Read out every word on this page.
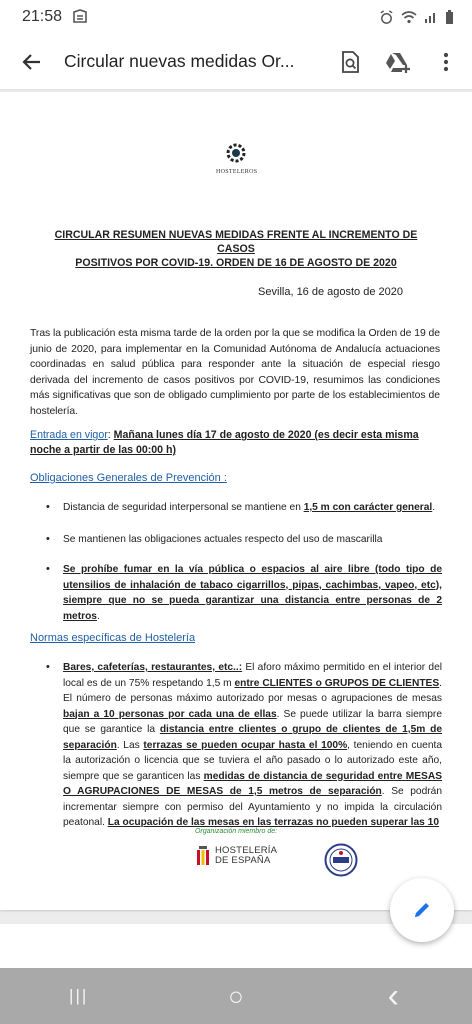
21:58
Circular nuevas medidas Or...
HOSTELEROS
CIRCULAR RESUMEN NUEVAS MEDIDAS FRENTE AL INCREMENTO DE CASOS
POSITIVOS POR COVID-19. ORDEN DE 16 DE AGOSTO DE 2020
Sevilla, 16 de agosto de 2020
Tras la publicación esta misma tarde de la orden por la que se modifica la Orden de 19 de junio de 2020, para implementar en la Comunidad Autónoma de Andalucía actuaciones coordinadas en salud pública para responder ante la situación de especial riesgo derivada del incremento de casos positivos por COVID-19, resumimos las condiciones más significativas que son de obligado cumplimiento por parte de los establecimientos de hostelería.
Entrada en vigor: Mañana lunes día 17 de agosto de 2020 (es decir esta misma noche a partir de las 00:00 h)
Obligaciones Generales de Prevención :
• Distancia de seguridad interpersonal se mantiene en 1,5 m con carácter general.
• Se mantienen las obligaciones actuales respecto del uso de mascarilla
• Se prohíbe fumar en la vía pública o espacios al aire libre (todo tipo de utensilios de inhalación de tabaco cigarrillos, pipas, cachimbas, vapeo, etc), siempre que no se pueda garantizar una distancia entre personas de 2 metros.
Normas específicas de Hostelería
• Bares, cafeterías, restaurantes, etc..: El aforo máximo permitido en el interior del local es de un 75% respetando 1,5 m entre CLIENTES o GRUPOS DE CLIENTES. El número de personas máximo autorizado por mesas o agrupaciones de mesas bajan a 10 personas por cada una de ellas. Se puede utilizar la barra siempre que se garantice la distancia entre clientes o grupo de clientes de 1,5m de separación. Las terrazas se pueden ocupar hasta el 100%, teniendo en cuenta la autorización o licencia que se tuviera el año pasado o lo autorizado este año, siempre que se garanticen las medidas de distancia de seguridad entre MESAS O AGRUPACIONES DE MESAS de 1,5 metros de separación. Se podrán incrementar siempre con permiso del Ayuntamiento y no impida la circulación peatonal. La ocupación de las mesas en las terrazas no pueden superar las 10
Organización miembro de:
HOSTELERÍA
DE ESPAÑA
|||	○	‹
